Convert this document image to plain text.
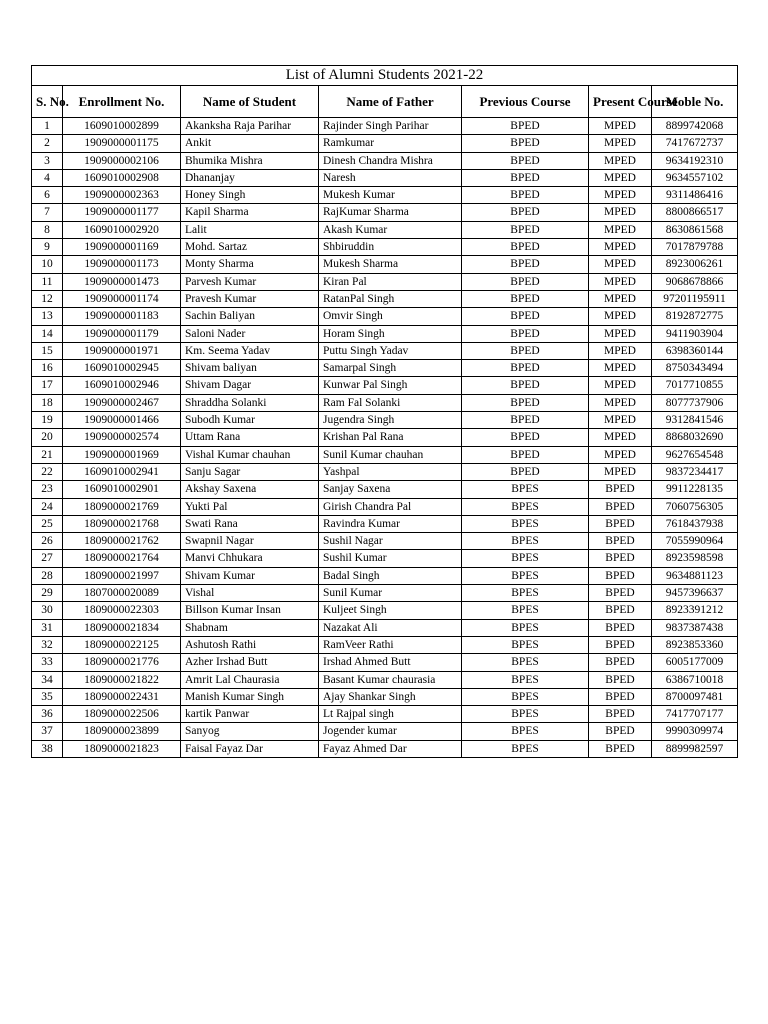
List of Alumni Students 2021-22						
S. No.	Enrollment No.	Name of Student	Name of Father	Previous Course	Present Course	Moble No.
1	1609010002899	Akanksha Raja Parihar	Rajinder Singh Parihar	BPED	MPED	8899742068
2	1909000001175	Ankit	Ramkumar	BPED	MPED	7417672737
3	1909000002106	Bhumika Mishra	Dinesh Chandra Mishra	BPED	MPED	9634192310
4	1609010002908	Dhananjay	Naresh	BPED	MPED	9634557102
6	1909000002363	Honey Singh	Mukesh Kumar	BPED	MPED	9311486416
7	1909000001177	Kapil Sharma	RajKumar Sharma	BPED	MPED	8800866517
8	1609010002920	Lalit	Akash Kumar	BPED	MPED	8630861568
9	1909000001169	Mohd. Sartaz	Shbiruddin	BPED	MPED	7017879788
10	1909000001173	Monty Sharma	Mukesh Sharma	BPED	MPED	8923006261
11	1909000001473	Parvesh Kumar	Kiran Pal	BPED	MPED	9068678866
12	1909000001174	Pravesh Kumar	RatanPal Singh	BPED	MPED	97201195911
13	1909000001183	Sachin Baliyan	Omvir Singh	BPED	MPED	8192872775
14	1909000001179	Saloni Nader	Horam Singh	BPED	MPED	9411903904
15	1909000001971	Km. Seema Yadav	Puttu Singh Yadav	BPED	MPED	6398360144
16	1609010002945	Shivam baliyan	Samarpal Singh	BPED	MPED	8750343494
17	1609010002946	Shivam Dagar	Kunwar Pal Singh	BPED	MPED	7017710855
18	1909000002467	Shraddha Solanki	Ram Fal Solanki	BPED	MPED	8077737906
19	1909000001466	Subodh Kumar	Jugendra Singh	BPED	MPED	9312841546
20	1909000002574	Uttam Rana	Krishan Pal Rana	BPED	MPED	8868032690
21	1909000001969	Vishal Kumar chauhan	Sunil Kumar chauhan	BPED	MPED	9627654548
22	1609010002941	Sanju Sagar	Yashpal	BPED	MPED	9837234417
23	1609010002901	Akshay Saxena	Sanjay Saxena	BPES	BPED	9911228135
24	1809000021769	Yukti Pal	Girish Chandra Pal	BPES	BPED	7060756305
25	1809000021768	Swati Rana	Ravindra Kumar	BPES	BPED	7618437938
26	1809000021762	Swapnil Nagar	Sushil Nagar	BPES	BPED	7055990964
27	1809000021764	Manvi Chhukara	Sushil Kumar	BPES	BPED	8923598598
28	1809000021997	Shivam Kumar	Badal Singh	BPES	BPED	9634881123
29	1807000020089	Vishal	Sunil Kumar	BPES	BPED	9457396637
30	1809000022303	Billson Kumar Insan	Kuljeet Singh	BPES	BPED	8923391212
31	1809000021834	Shabnam	Nazakat Ali	BPES	BPED	9837387438
32	1809000022125	Ashutosh Rathi	RamVeer Rathi	BPES	BPED	8923853360
33	1809000021776	Azher Irshad Butt	Irshad Ahmed Butt	BPES	BPED	6005177009
34	1809000021822	Amrit Lal Chaurasia	Basant Kumar chaurasia	BPES	BPED	6386710018
35	1809000022431	Manish Kumar Singh	Ajay Shankar Singh	BPES	BPED	8700097481
36	1809000022506	kartik Panwar	Lt Rajpal singh	BPES	BPED	7417707177
37	1809000023899	Sanyog	Jogender kumar	BPES	BPED	9990309974
38	1809000021823	Faisal Fayaz Dar	Fayaz Ahmed Dar	BPES	BPED	8899982597
